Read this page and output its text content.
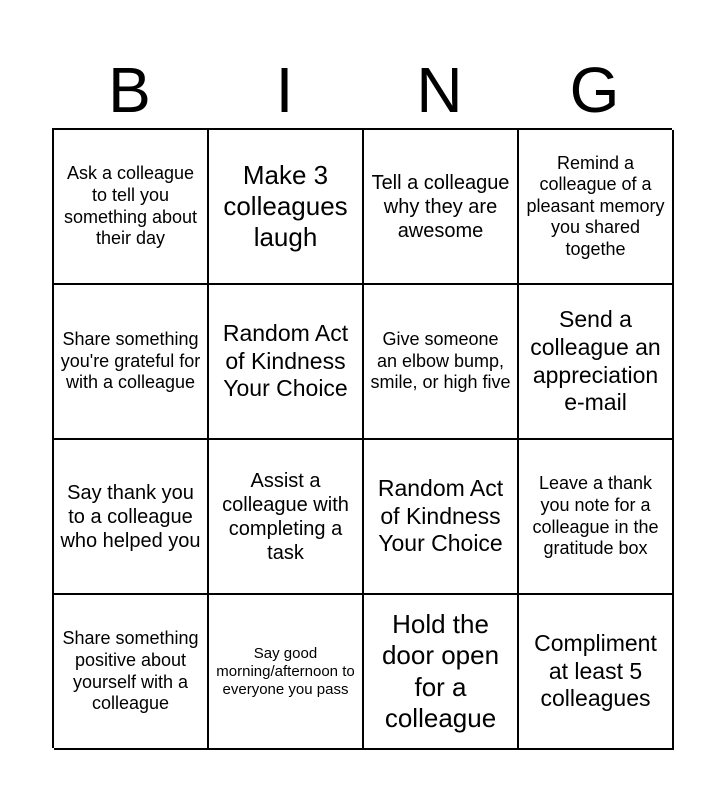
B	I	N	G
Ask a colleague to tell you something about their day
Make 3 colleagues laugh
Tell a colleague why they are awesome
Remind a colleague of a pleasant memory you shared togethe
Share something you're grateful for with a colleague
Random Act of Kindness Your Choice
Give someone an elbow bump, smile, or high five
Send a colleague an appreciation e-mail
Say thank you to a colleague who helped you
Assist a colleague with completing a task
Random Act of Kindness Your Choice
Leave a thank you note for a colleague in the gratitude box
Share something positive about yourself with a colleague
Say good morning/afternoon to everyone you pass
Hold the door open for a colleague
Compliment at least 5 colleagues
